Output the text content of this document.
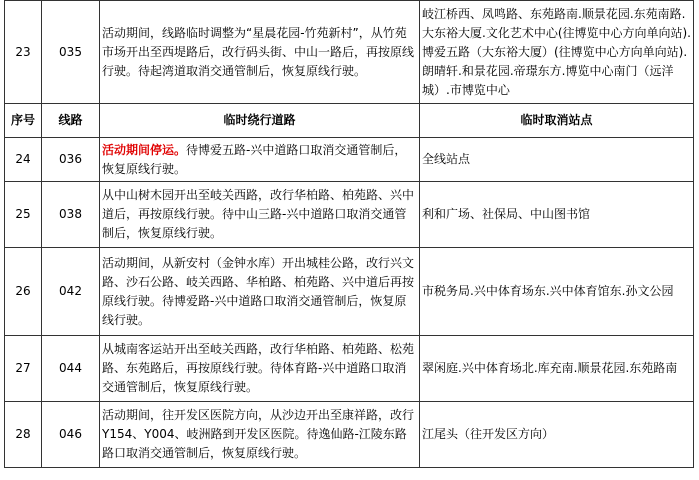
23	035	活动期间，线路临时调整为“星晨花园-竹苑新村”，从竹苑市场开出至西堤路后，改行码头街、中山一路后，再按原线行驶。待起湾道取消交通管制后，恢复原线行驶。	岐江桥西、凤鸣路、东苑路南.顺景花园.东苑南路.大东裕大厦.文化艺术中心(往博览中心方向单向站).博爱五路（大东裕大厦）(往博览中心方向单向站).朗晴轩.和景花园.帝璟东方.博览中心南门（远洋城）.市博览中心
序号	线路	临时绕行道路	临时取消站点
24	036	活动期间停运。待博爱五路-兴中道路口取消交通管制后，恢复原线行驶。	全线站点
25	038	从中山树木园开出至岐关西路，改行华柏路、柏苑路、兴中道后，再按原线行驶。待中山三路-兴中道路口取消交通管制后，恢复原线行驶。	利和广场、社保局、中山图书馆
26	042	活动期间，从新安村（金钟水库）开出城桂公路，改行兴文路、沙石公路、岐关西路、华柏路、柏苑路、兴中道后再按原线行驶。待博爱路-兴中道路口取消交通管制后，恢复原线行驶。	市税务局.兴中体育场东.兴中体育馆东.孙文公园
27	044	从城南客运站开出至岐关西路，改行华柏路、柏苑路、松苑路、东苑路后，再按原线行驶。待体育路-兴中道路口取消交通管制后，恢复原线行驶。	翠闲庭.兴中体育场北.库充南.顺景花园.东苑路南
28	046	活动期间，往开发区医院方向，从沙边开出至康祥路，改行Y154、Y004、岐洲路到开发区医院。待逸仙路-江陵东路路口取消交通管制后，恢复原线行驶。	江尾头（往开发区方向）
